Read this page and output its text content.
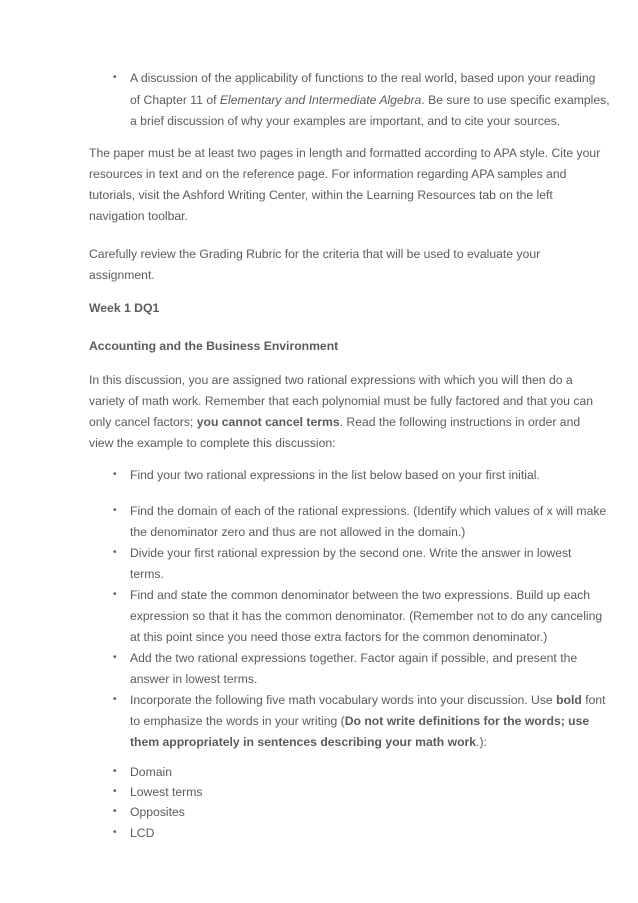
• A discussion of the applicability of functions to the real world, based upon your reading
of Chapter 11 of Elementary and Intermediate Algebra. Be sure to use specific examples,
a brief discussion of why your examples are important, and to cite your sources.
The paper must be at least two pages in length and formatted according to APA style. Cite your
resources in text and on the reference page. For information regarding APA samples and
tutorials, visit the Ashford Writing Center, within the Learning Resources tab on the left
navigation toolbar.
Carefully review the Grading Rubric for the criteria that will be used to evaluate your
assignment.
Week 1 DQ1
Accounting and the Business Environment
In this discussion, you are assigned two rational expressions with which you will then do a
variety of math work. Remember that each polynomial must be fully factored and that you can
only cancel factors; you cannot cancel terms. Read the following instructions in order and
view the example to complete this discussion:
• Find your two rational expressions in the list below based on your first initial.
• Find the domain of each of the rational expressions. (Identify which values of x will make
the denominator zero and thus are not allowed in the domain.)
• Divide your first rational expression by the second one. Write the answer in lowest
terms.
• Find and state the common denominator between the two expressions. Build up each
expression so that it has the common denominator. (Remember not to do any canceling
at this point since you need those extra factors for the common denominator.)
• Add the two rational expressions together. Factor again if possible, and present the
answer in lowest terms.
• Incorporate the following five math vocabulary words into your discussion. Use bold font
to emphasize the words in your writing (Do not write definitions for the words; use
them appropriately in sentences describing your math work.):
• Domain
• Lowest terms
• Opposites
• LCD
